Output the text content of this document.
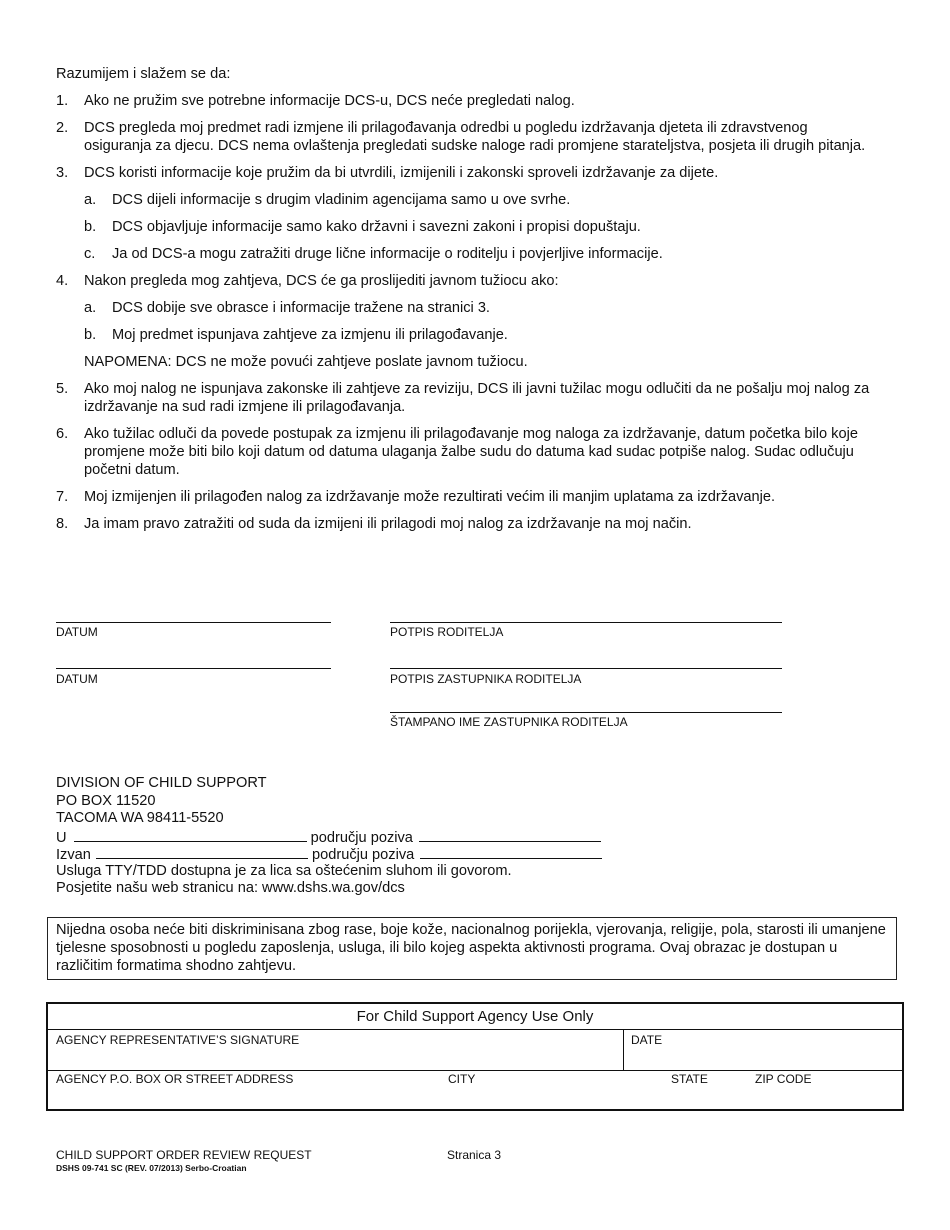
Razumijem i slažem se da:
1.	Ako ne pružim sve potrebne informacije DCS-u, DCS neće pregledati nalog.
2.	DCS pregleda moj predmet radi izmjene ili prilagođavanja odredbi u pogledu izdržavanja djeteta ili zdravstvenog osiguranja za djecu. DCS nema ovlaštenja pregledati sudske naloge radi promjene starateljstva, posjeta ili drugih pitanja.
3.	DCS koristi informacije koje pružim da bi utvrdili, izmijenili i zakonski sproveli izdržavanje za dijete.
a.	DCS dijeli informacije s drugim vladinim agencijama samo u ove svrhe.
b.	DCS objavljuje informacije samo kako državni i savezni zakoni i propisi dopuštaju.
c.	Ja od DCS-a mogu zatražiti druge lične informacije o roditelju i povjerljive informacije.
4.	Nakon pregleda mog zahtjeva, DCS će ga proslijediti javnom tužiocu ako:
a.	DCS dobije sve obrasce i informacije tražene na stranici 3.
b.	Moj predmet ispunjava zahtjeve za izmjenu ili prilagođavanje.
NAPOMENA: DCS ne može povući zahtjeve poslate javnom tužiocu.
5.	Ako moj nalog ne ispunjava zakonske ili zahtjeve za reviziju, DCS ili javni tužilac mogu odlučiti da ne pošalju moj nalog za izdržavanje na sud radi izmjene ili prilagođavanja.
6.	Ako tužilac odluči da povede postupak za izmjenu ili prilagođavanje mog naloga za izdržavanje, datum početka bilo koje promjene može biti bilo koji datum od datuma ulaganja žalbe sudu do datuma kad sudac potpiše nalog. Sudac odlučuju početni datum.
7.	Moj izmijenjen ili prilagođen nalog za izdržavanje može rezultirati većim ili manjim uplatama za izdržavanje.
8.	Ja imam pravo zatražiti od suda da izmijeni ili prilagodi moj nalog za izdržavanje na moj način.
DATUM	POTPIS RODITELJA
DATUM	POTPIS ZASTUPNIKA RODITELJA
ŠTAMPANO IME ZASTUPNIKA RODITELJA
DIVISION OF CHILD SUPPORT
PO BOX 11520
TACOMA WA 98411-5520
U	području poziva
Izvan	području poziva
Usluga TTY/TDD dostupna je za lica sa oštećenim sluhom ili govorom.
Posjetite našu web stranicu na: www.dshs.wa.gov/dcs
Nijedna osoba neće biti diskriminisana zbog rase, boje kože, nacionalnog porijekla, vjerovanja, religije, pola, starosti ili umanjene tjelesne sposobnosti u pogledu zaposlenja, usluga, ili bilo kojeg aspekta aktivnosti programa. Ovaj obrazac je dostupan u različitim formatima shodno zahtjevu.
For Child Support Agency Use Only
AGENCY REPRESENTATIVE’S SIGNATURE	DATE
AGENCY P.O. BOX OR STREET ADDRESS	CITY	STATE	ZIP CODE
CHILD SUPPORT ORDER REVIEW REQUEST	Stranica 3
DSHS 09-741 SC (REV. 07/2013) Serbo-Croatian
